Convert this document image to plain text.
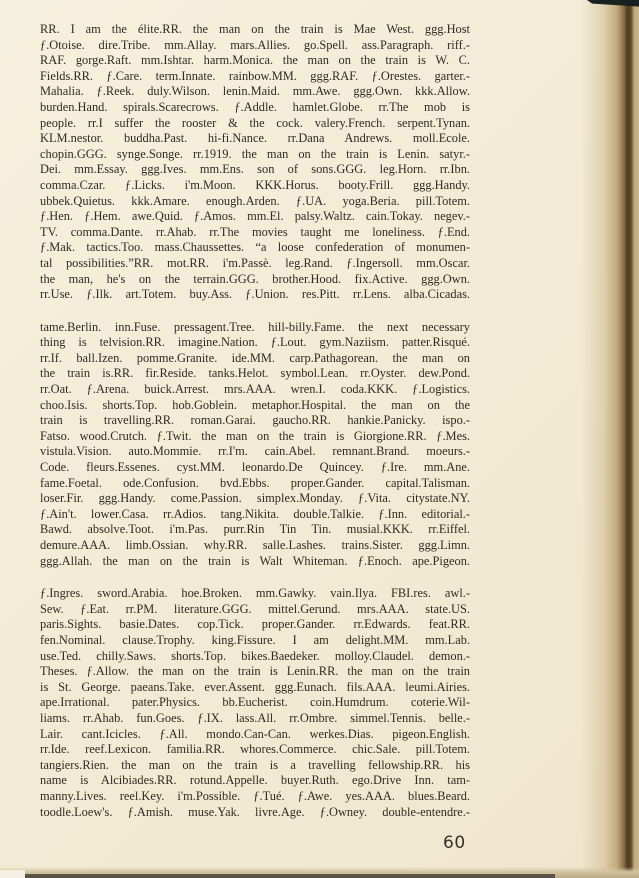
RR. I am the élite.RR. the man on the train is Mae West. ggg.Host
ƒ.Otoise. dire.Tribe. mm.Allay. mars.Allies. go.Spell. ass.Paragraph. riff.-
RAF. gorge.Raft. mm.Ishtar. harm.Monica. the man on the train is W. C.
Fields.RR. ƒ.Care. term.Innate. rainbow.MM. ggg.RAF. ƒ.Orestes. garter.-
Mahalia. ƒ.Reek. duly.Wilson. lenin.Maid. mm.Awe. ggg.Own. kkk.Allow.
burden.Hand. spirals.Scarecrows. ƒ.Addle. hamlet.Globe. rr.The mob is
people. rr.I suffer the rooster & the cock. valery.French. serpent.Tynan.
KLM.nestor. buddha.Past. hi-fi.Nance. rr.Dana Andrews. moll.Ecole.
chopin.GGG. synge.Songe. rr.1919. the man on the train is Lenin. satyr.-
Dei. mm.Essay. ggg.Ives. mm.Ens. son of sons.GGG. leg.Horn. rr.Ibn.
comma.Czar. ƒ.Licks. i'm.Moon. KKK.Horus. booty.Frill. ggg.Handy.
ubbek.Quietus. kkk.Amare. enough.Arden. ƒ.UA. yoga.Beria. pill.Totem.
ƒ.Hen. ƒ.Hem. awe.Quid. ƒ.Amos. mm.El. palsy.Waltz. cain.Tokay. negev.-
TV. comma.Dante. rr.Ahab. rr.The movies taught me loneliness. ƒ.End.
ƒ.Mak. tactics.Too. mass.Chaussettes. “a loose confederation of monumen-
tal possibilities.”RR. mot.RR. i'm.Passè. leg.Rand. ƒ.Ingersoll. mm.Oscar.
the man, he's on the terrain.GGG. brother.Hood. fix.Active. ggg.Own.
rr.Use. ƒ.Ilk. art.Totem. buy.Ass. ƒ.Union. res.Pitt. rr.Lens. alba.Cicadas.
tame.Berlin. inn.Fuse. pressagent.Tree. hill-billy.Fame. the next necessary
thing is telvision.RR. imagine.Nation. ƒ.Lout. gym.Naziism. patter.Risqué.
rr.If. ball.Izen. pomme.Granite. ide.MM. carp.Pathagorean. the man on
the train is.RR. fir.Reside. tanks.Helot. symbol.Lean. rr.Oyster. dew.Pond.
rr.Oat. ƒ.Arena. buick.Arrest. mrs.AAA. wren.I. coda.KKK. ƒ.Logistics.
choo.Isis. shorts.Top. hob.Goblein. metaphor.Hospital. the man on the
train is travelling.RR. roman.Garai. gaucho.RR. hankie.Panicky. ispo.-
Fatso. wood.Crutch. ƒ.Twit. the man on the train is Giorgione.RR. ƒ.Mes.
vistula.Vision. auto.Mommie. rr.I'm. cain.Abel. remnant.Brand. moeurs.-
Code. fleurs.Essenes. cyst.MM. leonardo.De Quincey. ƒ.Ire. mm.Ane.
fame.Foetal. ode.Confusion. bvd.Ebbs. proper.Gander. capital.Talisman.
loser.Fir. ggg.Handy. come.Passion. simplex.Monday. ƒ.Vita. citystate.NY.
ƒ.Ain't. lower.Casa. rr.Adios. tang.Nikita. double.Talkie. ƒ.Inn. editorial.-
Bawd. absolve.Toot. i'm.Pas. purr.Rin Tin Tin. musial.KKK. rr.Eiffel.
demure.AAA. limb.Ossian. why.RR. salle.Lashes. trains.Sister. ggg.Limn.
ggg.Allah. the man on the train is Walt Whiteman. ƒ.Enoch. ape.Pigeon.
ƒ.Ingres. sword.Arabia. hoe.Broken. mm.Gawky. vain.Ilya. FBI.res. awl.-
Sew. ƒ.Eat. rr.PM. literature.GGG. mittel.Gerund. mrs.AAA. state.US.
paris.Sights. basie.Dates. cop.Tick. proper.Gander. rr.Edwards. feat.RR.
fen.Nominal. clause.Trophy. king.Fissure. I am delight.MM. mm.Lab.
use.Ted. chilly.Saws. shorts.Top. bikes.Baedeker. molloy.Claudel. demon.-
Theses. ƒ.Allow. the man on the train is Lenin.RR. the man on the train
is St. George. paeans.Take. ever.Assent. ggg.Eunach. fils.AAA. leumi.Airies.
ape.Irrational. pater.Physics. bb.Eucherist. coin.Humdrum. coterie.Wil-
liams. rr.Ahab. fun.Goes. ƒ.IX. lass.All. rr.Ombre. simmel.Tennis. belle.-
Lair. cant.Icicles. ƒ.All. mondo.Can-Can. werkes.Dias. pigeon.English.
rr.Ide. reef.Lexicon. familia.RR. whores.Commerce. chic.Sale. pill.Totem.
tangiers.Rien. the man on the train is a travelling fellowship.RR. his
name is Alcibiades.RR. rotund.Appelle. buyer.Ruth. ego.Drive Inn. tam-
manny.Lives. reel.Key. i'm.Possible. ƒ.Tué. ƒ.Awe. yes.AAA. blues.Beard.
toodle.Loew's. ƒ.Amish. muse.Yak. livre.Age. ƒ.Owney. double-entendre.-
60
